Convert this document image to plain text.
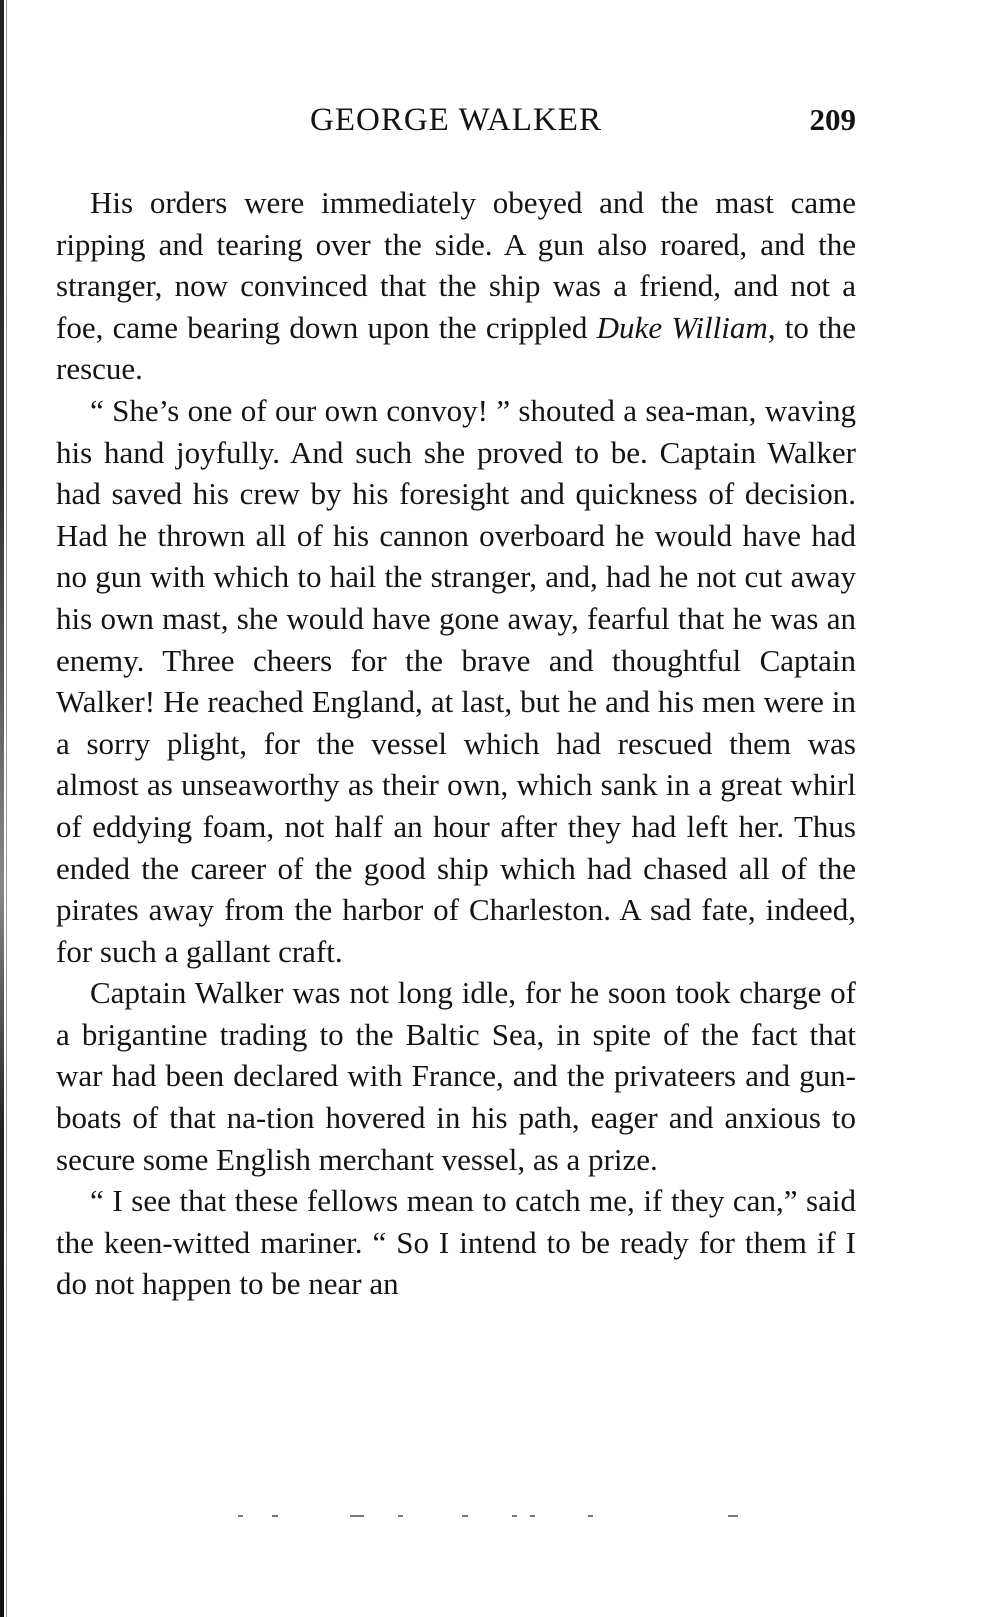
GEORGE WALKER	209

His orders were immediately obeyed and the mast came ripping and tearing over the side. A gun also roared, and the stranger, now convinced that the ship was a friend, and not a foe, came bearing down upon the crippled Duke William, to the rescue.

“ She’s one of our own convoy! ” shouted a sea-man, waving his hand joyfully. And such she proved to be. Captain Walker had saved his crew by his foresight and quickness of decision. Had he thrown all of his cannon overboard he would have had no gun with which to hail the stranger, and, had he not cut away his own mast, she would have gone away, fearful that he was an enemy. Three cheers for the brave and thoughtful Captain Walker! He reached England, at last, but he and his men were in a sorry plight, for the vessel which had rescued them was almost as unseaworthy as their own, which sank in a great whirl of eddying foam, not half an hour after they had left her. Thus ended the career of the good ship which had chased all of the pirates away from the harbor of Charleston. A sad fate, indeed, for such a gallant craft.

Captain Walker was not long idle, for he soon took charge of a brigantine trading to the Baltic Sea, in spite of the fact that war had been declared with France, and the privateers and gun-boats of that na-tion hovered in his path, eager and anxious to secure some English merchant vessel, as a prize.

“ I see that these fellows mean to catch me, if they can,” said the keen-witted mariner. “ So I intend to be ready for them if I do not happen to be near an
